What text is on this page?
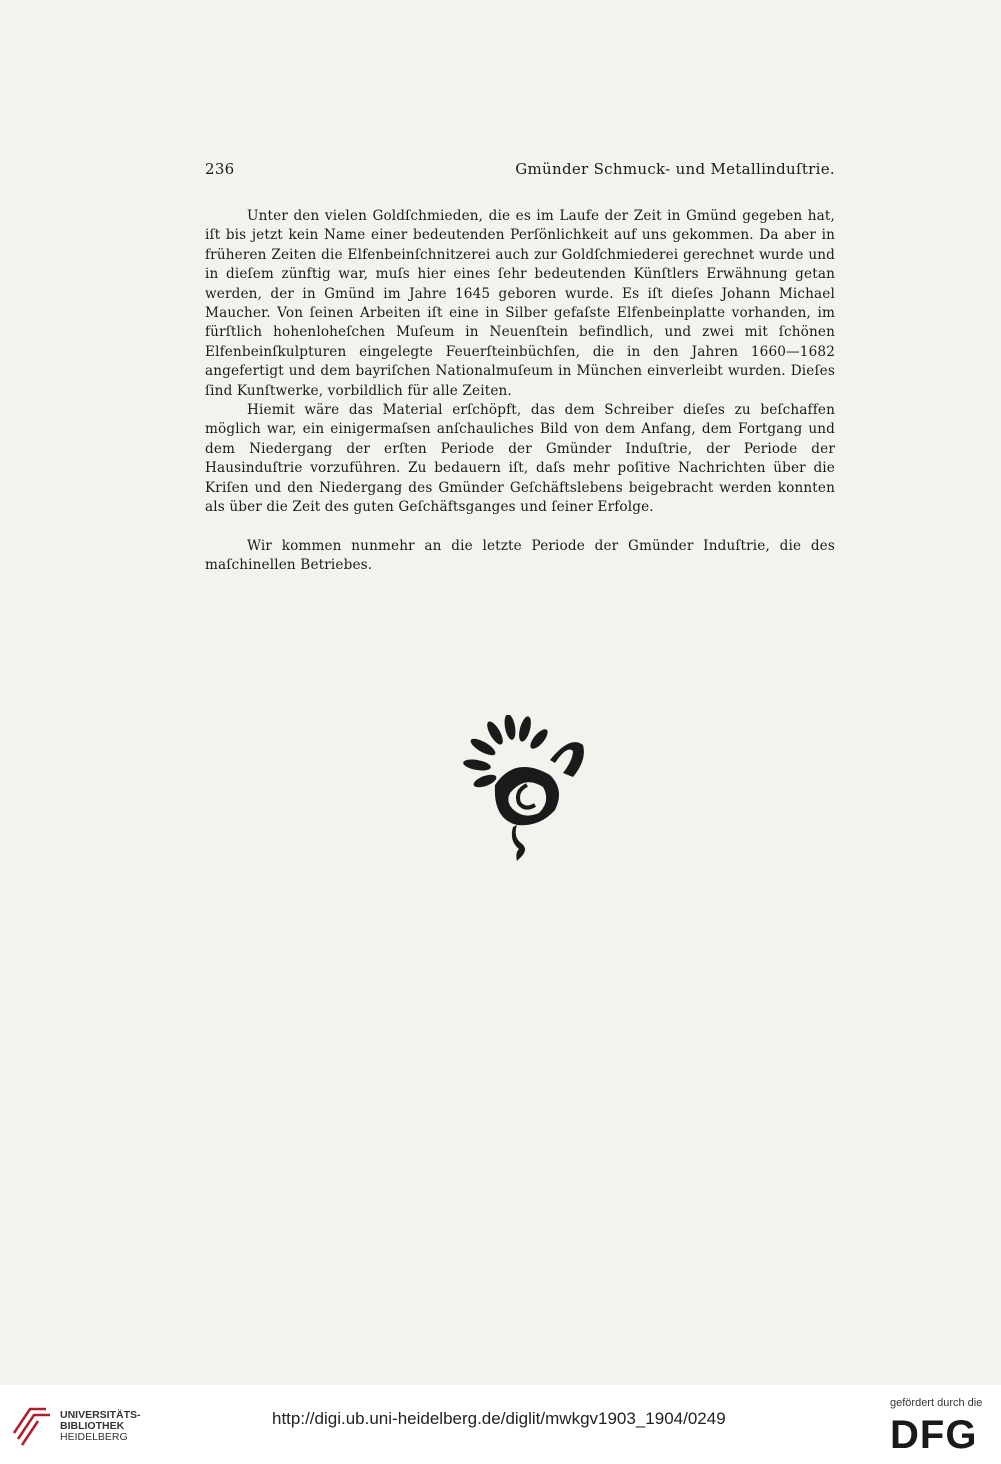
236	Gmünder Schmuck- und Metallinduſtrie.

Unter den vielen Goldſchmieden, die es im Laufe der Zeit in Gmünd gegeben hat, iſt bis jetzt kein Name einer bedeutenden Perſönlichkeit auf uns gekommen. Da aber in früheren Zeiten die Elfenbeinſchnitzerei auch zur Goldſchmiederei gerechnet wurde und in dieſem zünftig war, muſs hier eines ſehr bedeutenden Künſtlers Erwähnung getan werden, der in Gmünd im Jahre 1645 geboren wurde. Es iſt dieſes Johann Michael Maucher. Von ſeinen Arbeiten iſt eine in Silber gefaſste Elfenbeinplatte vorhanden, im fürſtlich hohenloheſchen Muſeum in Neuenſtein befindlich, und zwei mit ſchönen Elfenbeinſkulpturen eingelegte Feuerſteinbüchſen, die in den Jahren 1660—1682 angefertigt und dem bayriſchen Nationalmuſeum in München einverleibt wurden. Dieſes ſind Kunſtwerke, vorbildlich für alle Zeiten.

Hiemit wäre das Material erſchöpft, das dem Schreiber dieſes zu beſchaffen möglich war, ein einigermaſsen anſchauliches Bild von dem Anfang, dem Fortgang und dem Niedergang der erſten Periode der Gmünder Induſtrie, der Periode der Hausinduſtrie vorzuführen. Zu bedauern iſt, daſs mehr poſitive Nachrichten über die Kriſen und den Niedergang des Gmünder Geſchäftslebens beigebracht werden konnten als über die Zeit des guten Geſchäftsganges und ſeiner Erfolge.

Wir kommen nunmehr an die letzte Periode der Gmünder Induſtrie, die des maſchinellen Betriebes.

UNIVERSITÄTS-
BIBLIOTHEK
HEIDELBERG
http://digi.ub.uni-heidelberg.de/diglit/mwkgv1903_1904/0249
gefördert durch die
DFG
